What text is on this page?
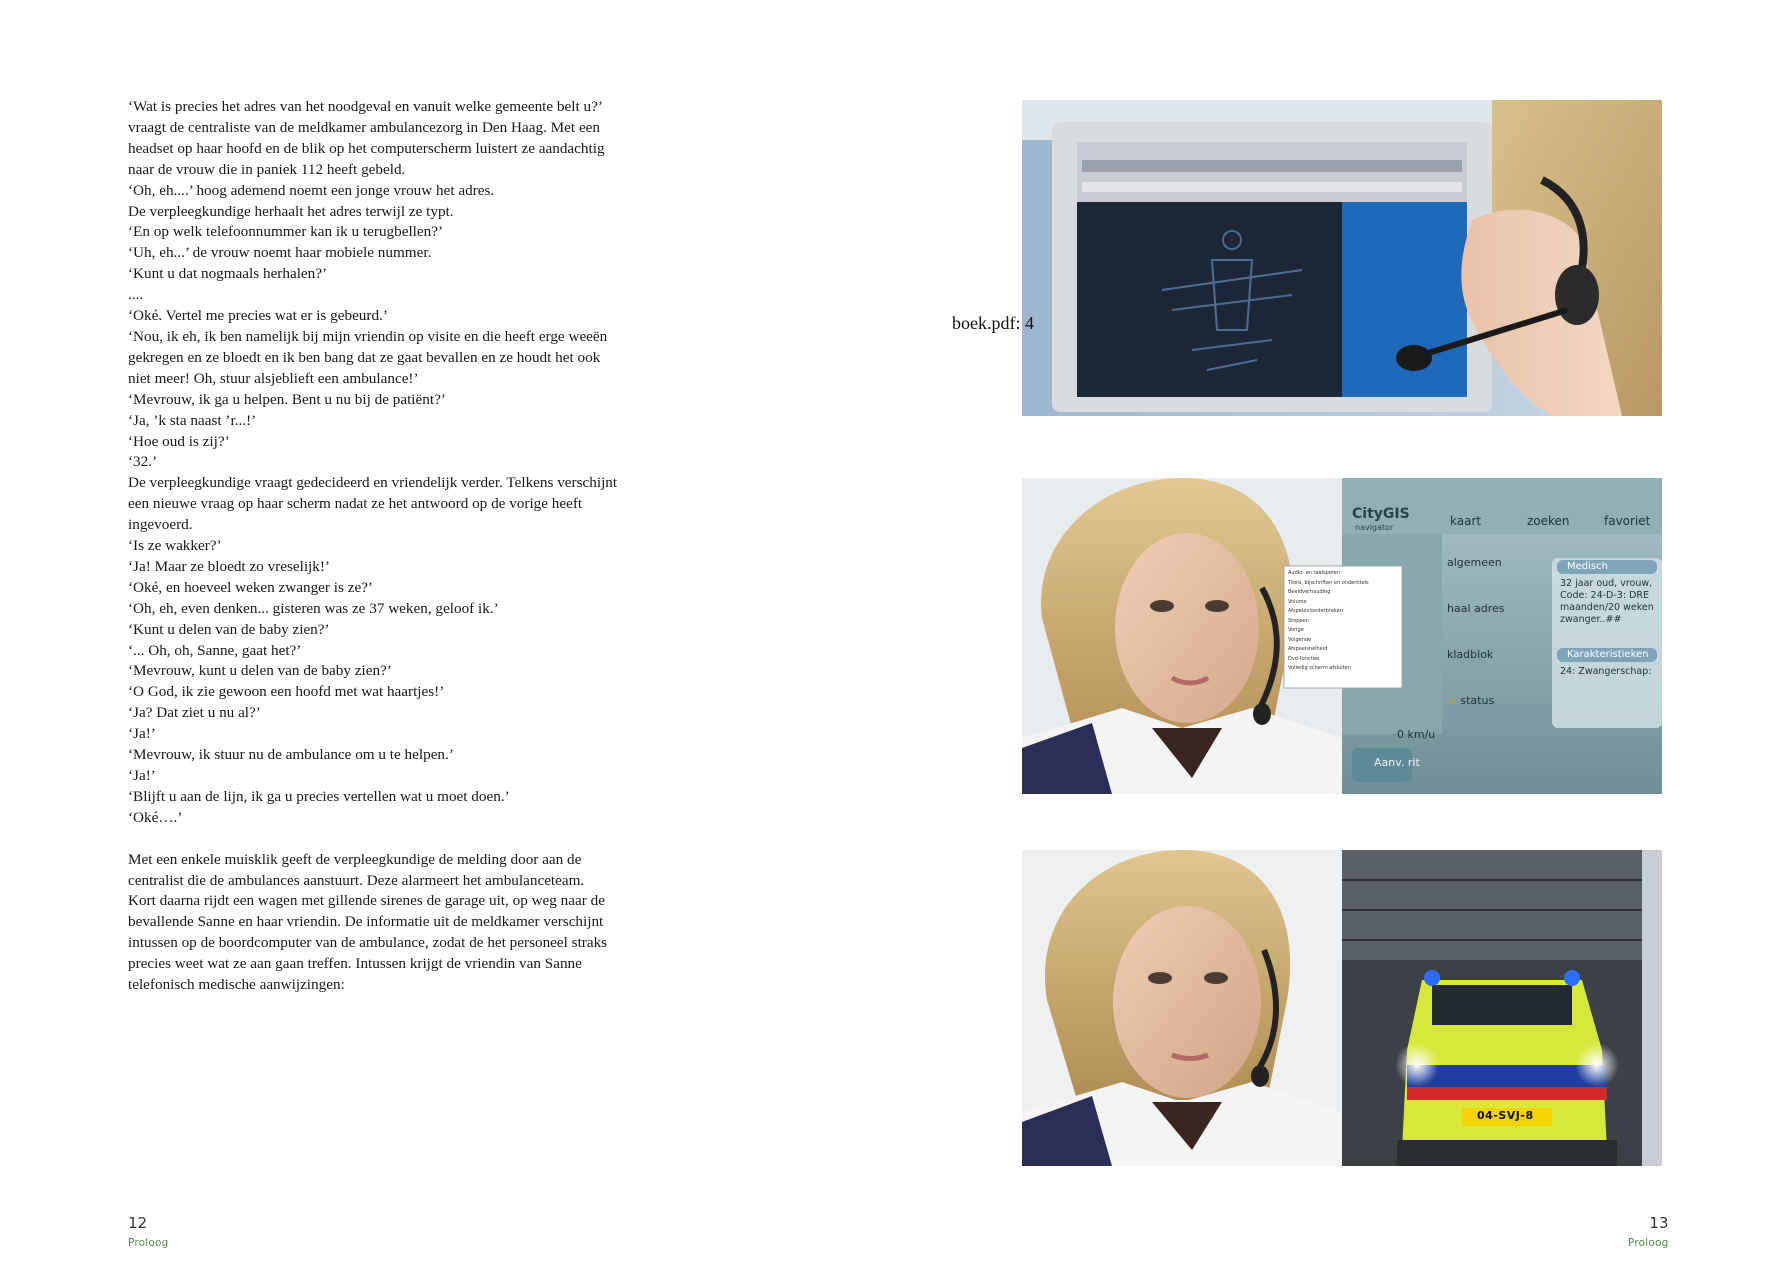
‘Wat is precies het adres van het noodgeval en vanuit welke gemeente belt u?’
vraagt de centraliste van de meldkamer ambulancezorg in Den Haag. Met een
headset op haar hoofd en de blik op het computerscherm luistert ze aandachtig
naar de vrouw die in paniek 112 heeft gebeld.
‘Oh, eh....’ hoog ademend noemt een jonge vrouw het adres.
De verpleegkundige herhaalt het adres terwijl ze typt.
‘En op welk telefoonnummer kan ik u terugbellen?’
‘Uh, eh...’ de vrouw noemt haar mobiele nummer.
‘Kunt u dat nogmaals herhalen?’
....
‘Oké. Vertel me precies wat er is gebeurd.’
‘Nou, ik eh, ik ben namelijk bij mijn vriendin op visite en die heeft erge weeën
gekregen en ze bloedt en ik ben bang dat ze gaat bevallen en ze houdt het ook
niet meer! Oh, stuur alsjeblieft een ambulance!’
‘Mevrouw, ik ga u helpen. Bent u nu bij de patiënt?’
‘Ja, ’k sta naast ’r...!’
‘Hoe oud is zij?’
‘32.’
De verpleegkundige vraagt gedecideerd en vriendelijk verder. Telkens verschijnt
een nieuwe vraag op haar scherm nadat ze het antwoord op de vorige heeft
ingevoerd.
‘Is ze wakker?’
‘Ja! Maar ze bloedt zo vreselijk!’
‘Oké, en hoeveel weken zwanger is ze?’
‘Oh, eh, even denken... gisteren was ze 37 weken, geloof ik.’
‘Kunt u delen van de baby zien?’
‘... Oh, oh, Sanne, gaat het?’
‘Mevrouw, kunt u delen van de baby zien?’
‘O God, ik zie gewoon een hoofd met wat haartjes!’
‘Ja? Dat ziet u nu al?’
‘Ja!’
‘Mevrouw, ik stuur nu de ambulance om u te helpen.’
‘Ja!’
‘Blijft u aan de lijn, ik ga u precies vertellen wat u moet doen.’
‘Oké….’
Met een enkele muisklik geeft de verpleegkundige de melding door aan de
centralist die de ambulances aanstuurt. Deze alarmeert het ambulanceteam.
Kort daarna rijdt een wagen met gillende sirenes de garage uit, op weg naar de
bevallende Sanne en haar vriendin. De informatie uit de meldkamer verschijnt
intussen op de boordcomputer van de ambulance, zodat de het personeel straks
precies weet wat ze aan gaan treffen. Intussen krijgt de vriendin van Sanne
telefonisch medische aanwijzingen:
12
Proloog
boek.pdf: 4
CityGIS
navigator	kaart	zoeken	favoriet
algemeen
haal adres
kladblok
⚠ status
0 km/u
Aanv. rit
Medisch
32 jaar oud, vrouw,
Code: 24-D-3: DRE
maanden/20 weken
zwanger..##
Karakteristieken
24: Zwangerschap:
Audio- en taalsporen
Titels, bijschriften en ondertitels
Beeldverhouding
Volume
Afspelen/onderbreken
Stoppen
Vorige
Volgende
Afspeelsnelheid
Dvd-functies
Volledig scherm afsluiten
04-SVJ-8
13
Proloog
